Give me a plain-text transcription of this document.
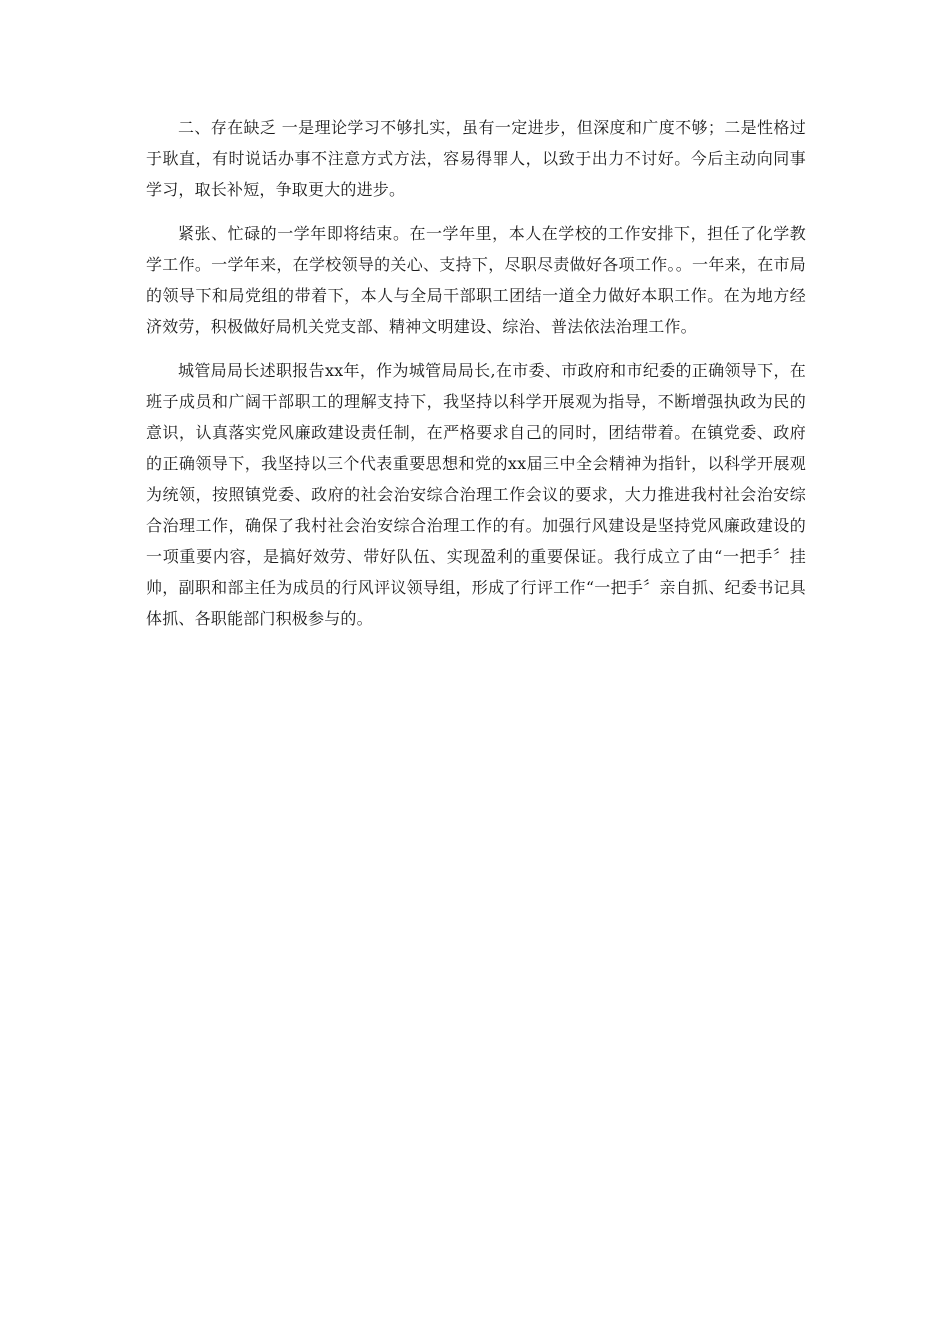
二、存在缺乏 一是理论学习不够扎实，虽有一定进步，但深度和广度不够；二是性格过于耿直，有时说话办事不注意方式方法，容易得罪人，以致于出力不讨好。今后主动向同事学习，取长补短，争取更大的进步。

紧张、忙碌的一学年即将结束。在一学年里，本人在学校的工作安排下，担任了化学教学工作。一学年来，在学校领导的关心、支持下，尽职尽责做好各项工作。。一年来，在市局的领导下和局党组的带着下，本人与全局干部职工团结一道全力做好本职工作。在为地方经济效劳，积极做好局机关党支部、精神文明建设、综治、普法依法治理工作。

城管局局长述职报告xx年，作为城管局局长,在市委、市政府和市纪委的正确领导下，在班子成员和广阔干部职工的理解支持下，我坚持以科学开展观为指导，不断增强执政为民的意识，认真落实党风廉政建设责任制，在严格要求自己的同时，团结带着。在镇党委、政府的正确领导下，我坚持以三个代表重要思想和党的xx届三中全会精神为指针，以科学开展观为统领，按照镇党委、政府的社会治安综合治理工作会议的要求，大力推进我村社会治安综合治理工作，确保了我村社会治安综合治理工作的有。加强行风建设是坚持党风廉政建设的一项重要内容，是搞好效劳、带好队伍、实现盈利的重要保证。我行成立了由“一把手〞挂帅，副职和部主任为成员的行风评议领导组，形成了行评工作“一把手〞亲自抓、纪委书记具体抓、各职能部门积极参与的。
